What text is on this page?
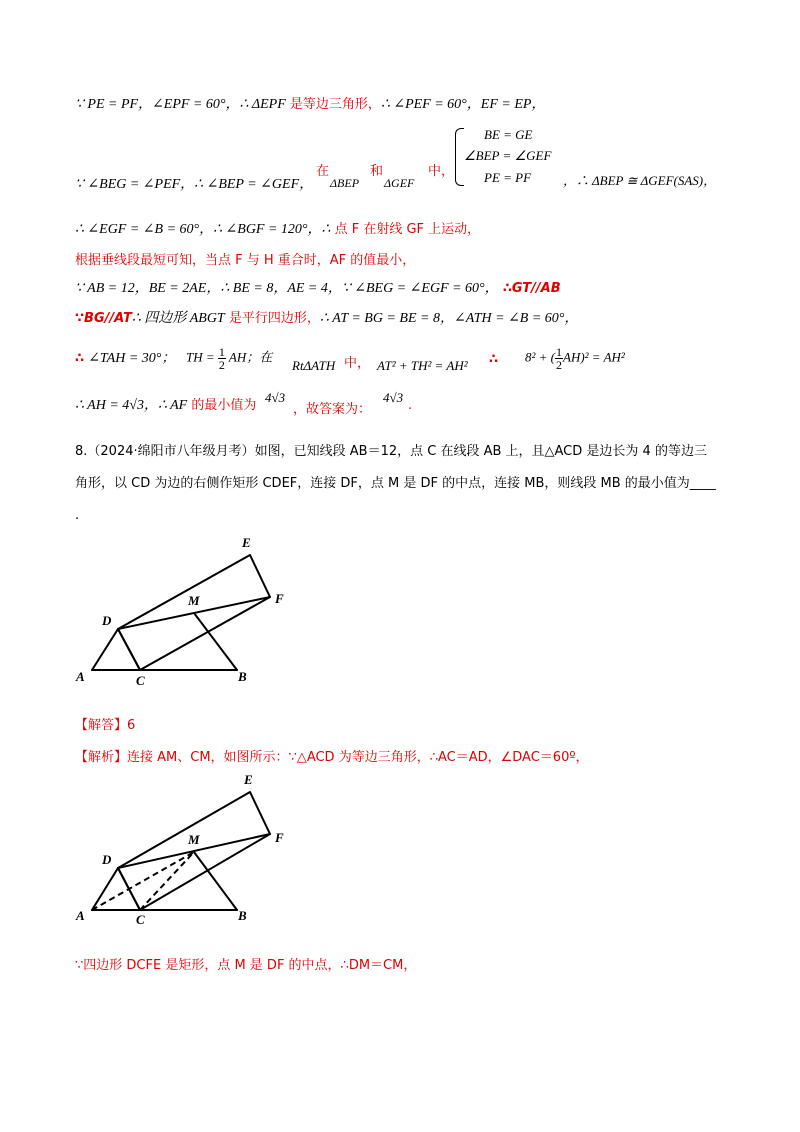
∵ PE = PF，∠EPF = 60°，∴ ΔEPF 是等边三角形，∴ ∠PEF = 60°，EF = EP，
∵ ∠BEG = ∠PEF，∴ ∠BEP = ∠GEF，
在	和	中，
ΔBEP ΔGEF
BE = GE
∠BEP = ∠GEF
PE = PF ，∴ ΔBEP ≅ ΔGEF(SAS)，
∴ ∠EGF = ∠B = 60°，∴ ∠BGF = 120°，∴ 点 F 在射线 GF 上运动，
根据垂线段最短可知，当点 F 与 H 重合时，AF 的值最小，
∵ AB = 12，BE = 2AE，∴ BE = 8，AE = 4，∵ ∠BEG = ∠EGF = 60°， ∴GT//AB
∵BG//AT∴ 四边形 ABGT 是平行四边形，∴ AT = BG = BE = 8，∠ATH = ∠B = 60°，
∴ ∠TAH = 30°； TH = $\frac{1}{2}$ AH；在
RtΔATH 中， AT² + TH² = AH² ∴ 8² + ( $\frac{1}{2} AH)^2 = AH^2$
∴ AH = 4√3，∴ AF 的最小值为
4√3
，故答案为：
4√3
.
8.（2024·绵阳市八年级月考）如图，已知线段 AB＝12，点 C 在线段 AB 上，且△ACD 是边长为 4 的等边三
角形，以 CD 为边的右侧作矩形 CDEF，连接 DF，点 M 是 DF 的中点，连接 MB，则线段 MB 的最小值为____
.
E
M	F
D
A	C	B
【解答】6
【解析】连接 AM、CM，如图所示：∵△ACD 为等边三角形，∴AC＝AD，∠DAC＝60º，
E
M	F
D
A	C	B
∵四边形 DCFE 是矩形，点 M 是 DF 的中点，∴DM＝CM，
